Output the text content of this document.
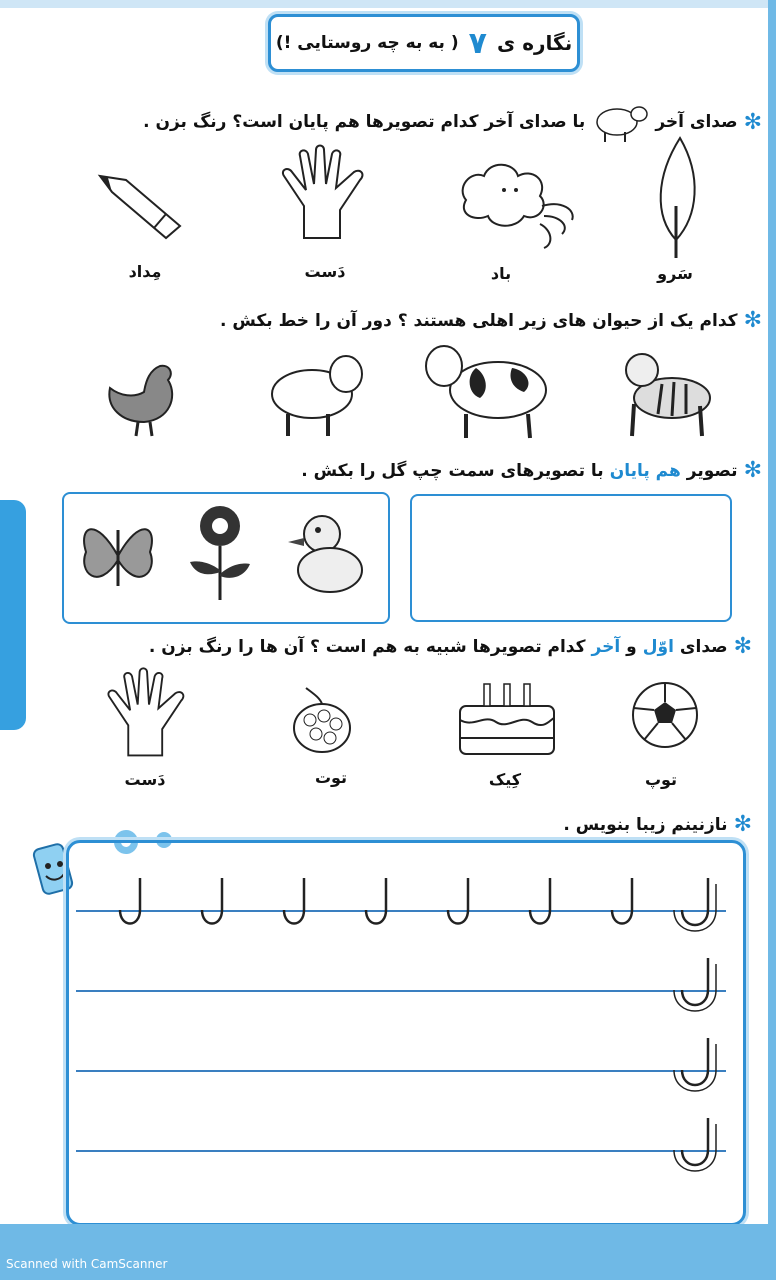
نگاره ی
۷
( به به چه روستایی !)
✻
صدای آخر
با صدای آخر کدام تصویرها هم پایان است؟ رنگ بزن .
سَرو
باد
دَست
مِداد
✻
کدام یک از حیوان های زیر اهلی هستند ؟ دور آن را خط بکش .
✻
تصویر
هم پایان
با تصویرهای سمت چپ گل را بکش .
✻
صدای
اوّل
و
آخر
کدام تصویرها شبیه به هم است ؟ آن ها را رنگ بزن .
توپ
کِیک
توت
دَست
✻
نازنینم زیبا بنویس .
Scanned with CamScanner
